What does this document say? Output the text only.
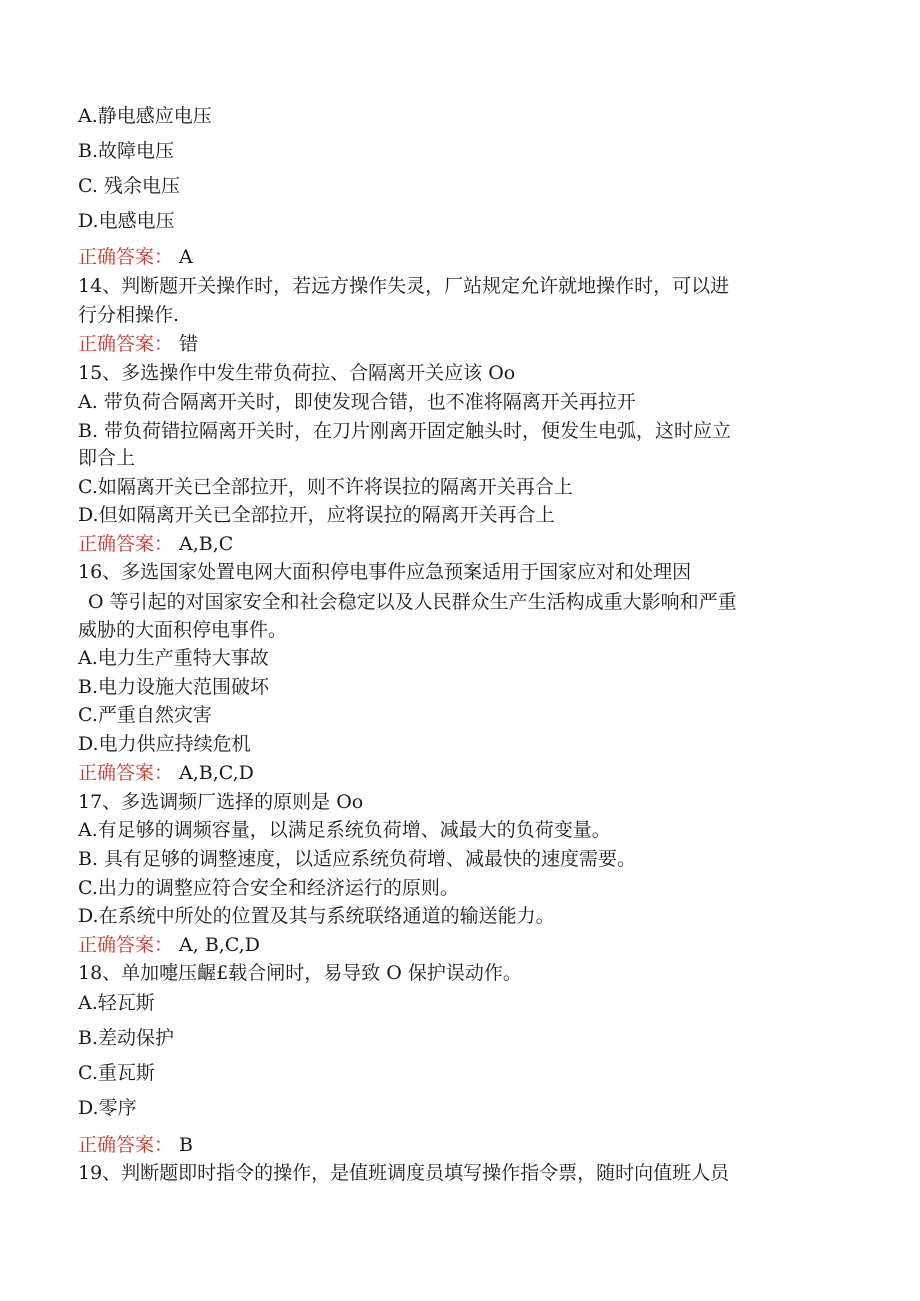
A.静电感应电压
B.故障电压
C. 残余电压
D.电感电压
正确答案： A
14、判断题开关操作时，若远方操作失灵，厂站规定允许就地操作时，可以进
行分相操作.
正确答案： 错
15、多选操作中发生带负荷拉、合隔离开关应该 Oo
A. 带负荷合隔离开关时，即使发现合错，也不准将隔离开关再拉开
B. 带负荷错拉隔离开关时，在刀片刚离开固定触头时，便发生电弧，这时应立
即合上
C.如隔离开关已全部拉开，则不许将误拉的隔离开关再合上
D.但如隔离开关已全部拉开，应将误拉的隔离开关再合上
正确答案： A,B,C
16、多选国家处置电网大面积停电事件应急预案适用于国家应对和处理因
O 等引起的对国家安全和社会稳定以及人民群众生产生活构成重大影响和严重
威胁的大面积停电事件。
A.电力生产重特大事故
B.电力设施大范围破坏
C.严重自然灾害
D.电力供应持续危机
正确答案： A,B,C,D
17、多选调频厂选择的原则是 Oo
A.有足够的调频容量，以满足系统负荷增、减最大的负荷变量。
B. 具有足够的调整速度，以适应系统负荷增、减最快的速度需要。
C.出力的调整应符合安全和经济运行的原则。
D.在系统中所处的位置及其与系统联络通道的输送能力。
正确答案： A, B,C,D
18、单加嚏压齷£载合闸时，易导致 O 保护误动作。
A.轻瓦斯
B.差动保护
C.重瓦斯
D.零序
正确答案： B
19、判断题即时指令的操作，是值班调度员填写操作指令票，随时向值班人员
